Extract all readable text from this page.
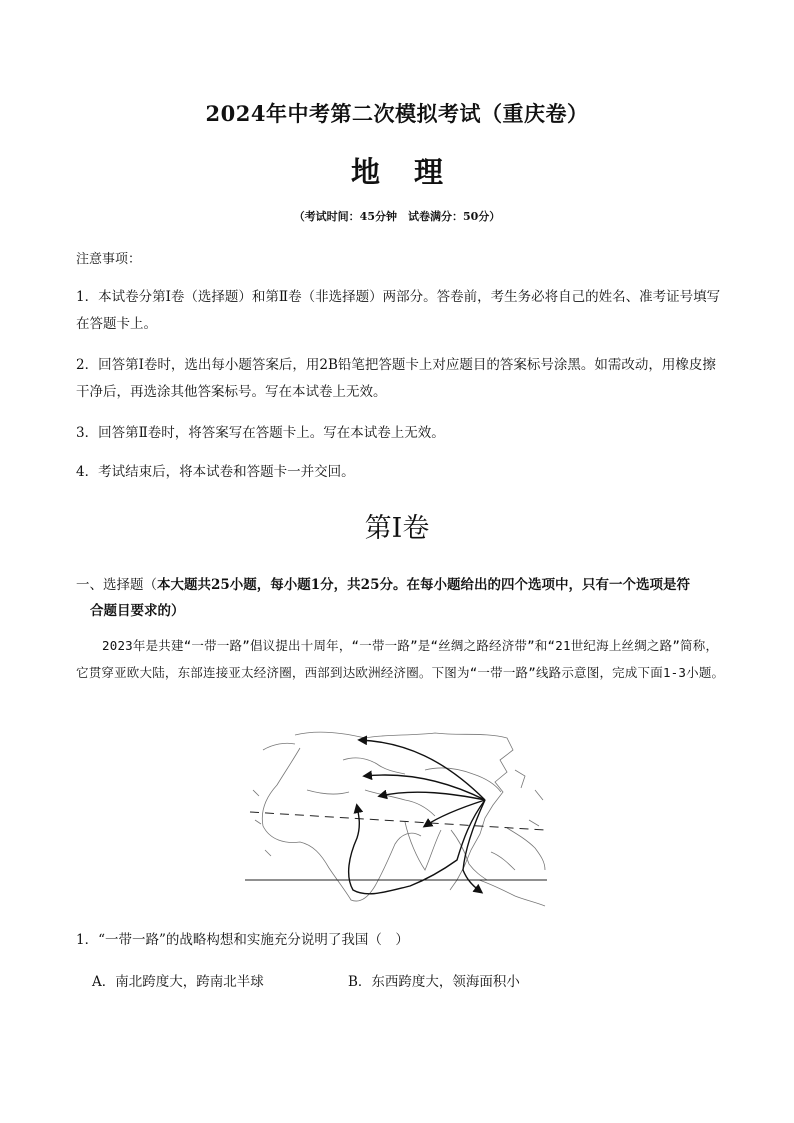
2024年中考第二次模拟考试（重庆卷）
地理
（考试时间：45分钟　试卷满分：50分）
注意事项：
1．本试卷分第Ⅰ卷（选择题）和第Ⅱ卷（非选择题）两部分。答卷前，考生务必将自己的姓名、准考证号填写在答题卡上。
2．回答第Ⅰ卷时，选出每小题答案后，用2B铅笔把答题卡上对应题目的答案标号涂黑。如需改动，用橡皮擦干净后，再选涂其他答案标号。写在本试卷上无效。
3．回答第Ⅱ卷时，将答案写在答题卡上。写在本试卷上无效。
4．考试结束后，将本试卷和答题卡一并交回。
第Ⅰ卷
一、选择题（本大题共25小题，每小题1分，共25分。在每小题给出的四个选项中，只有一个选项是符
合题目要求的）
2023年是共建“一带一路”倡议提出十周年，“一带一路”是“丝绸之路经济带”和“21世纪海上丝绸之路”简称，它贯穿亚欧大陆，东部连接亚太经济圈，西部到达欧洲经济圈。下图为“一带一路”线路示意图，完成下面1-3小题。
1．“一带一路”的战略构想和实施充分说明了我国（　）
A．南北跨度大，跨南北半球	B．东西跨度大，领海面积小
